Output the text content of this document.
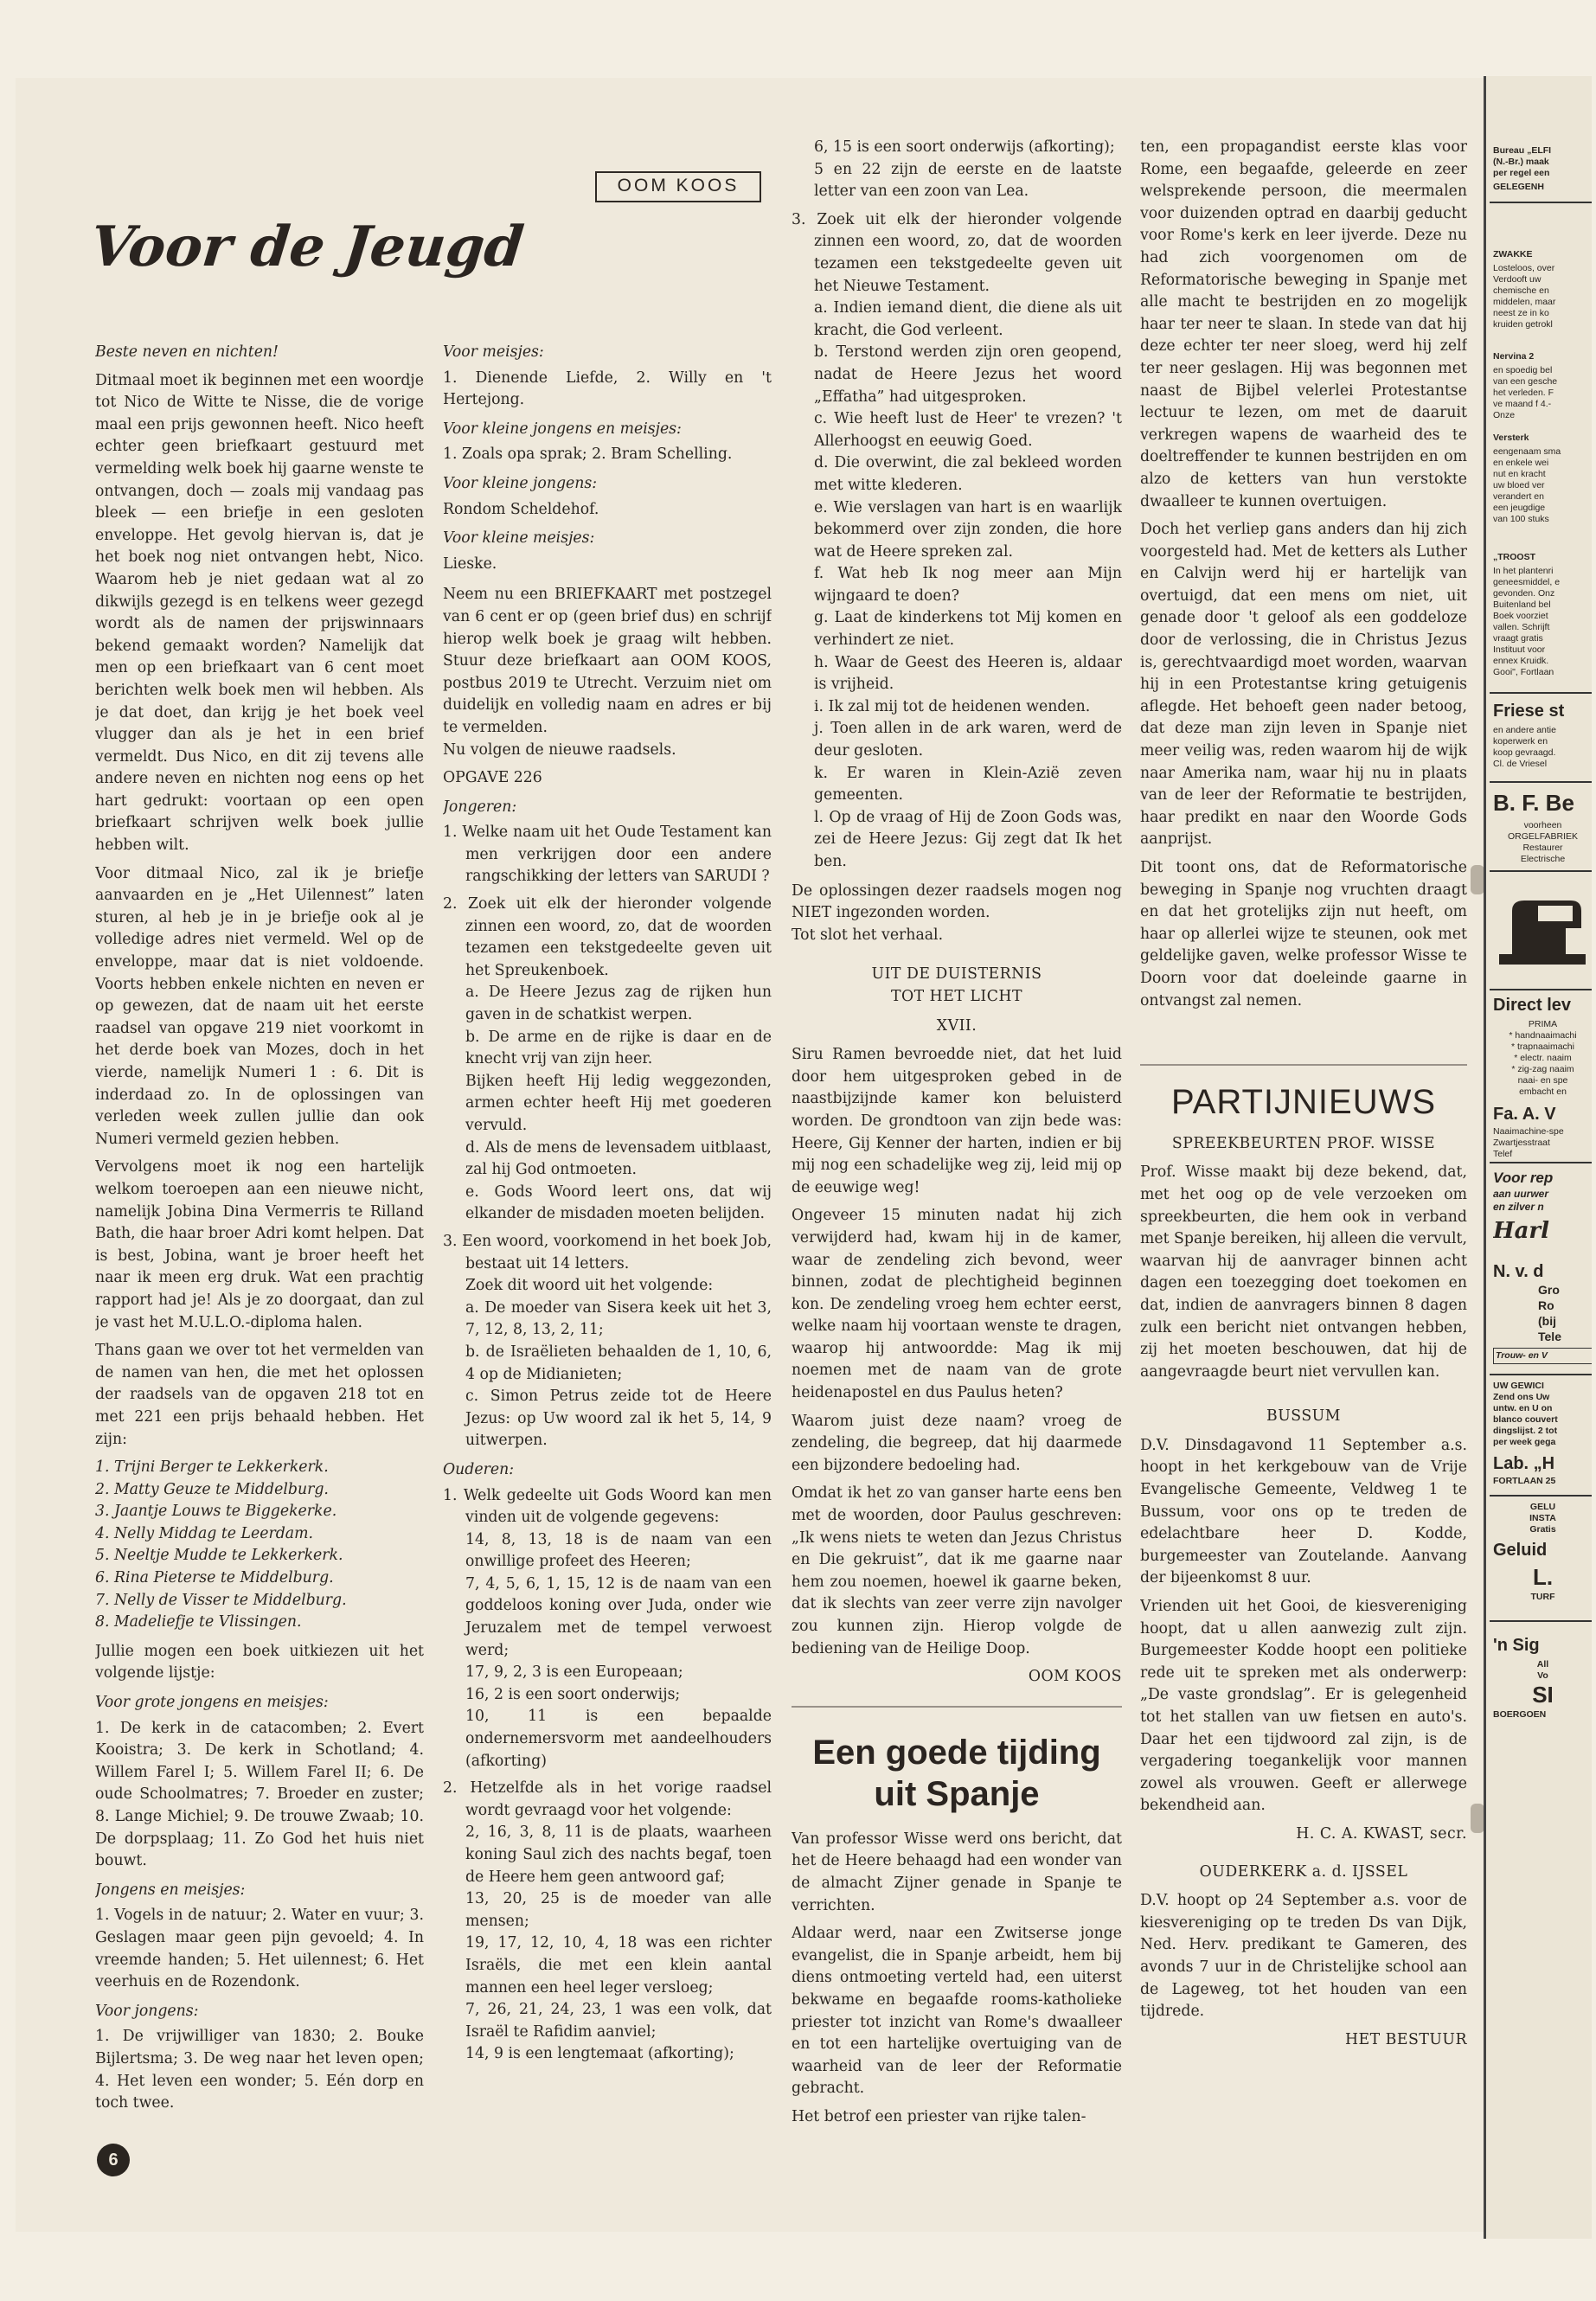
OOM KOOS
Voor de Jeugd

Beste neven en nichten!

Ditmaal moet ik beginnen met een woordje tot Nico de Witte te Nisse, die de vorige maal een prijs gewonnen heeft. Nico heeft echter geen briefkaart gestuurd met vermelding welk boek hij gaarne wenste te ontvangen, doch — zoals mij vandaag pas bleek — een briefje in een gesloten enveloppe. Het gevolg hiervan is, dat je het boek nog niet ontvangen hebt, Nico. Waarom heb je niet gedaan wat al zo dikwijls gezegd is en telkens weer gezegd wordt als de namen der prijswinnaars bekend gemaakt worden? Namelijk dat men op een briefkaart van 6 cent moet berichten welk boek men wil hebben. Als je dat doet, dan krijg je het boek veel vlugger dan als je het in een brief vermeldt. Dus Nico, en dit zij tevens alle andere neven en nichten nog eens op het hart gedrukt: voortaan op een open briefkaart schrijven welk boek jullie hebben wilt.

Voor ditmaal Nico, zal ik je briefje aanvaarden en je „Het Uilennest” laten sturen, al heb je in je briefje ook al je volledige adres niet vermeld. Wel op de enveloppe, maar dat is niet voldoende. Voorts hebben enkele nichten en neven er op gewezen, dat de naam uit het eerste raadsel van opgave 219 niet voorkomt in het derde boek van Mozes, doch in het vierde, namelijk Numeri 1 : 6. Dit is inderdaad zo. In de oplossingen van verleden week zullen jullie dan ook Numeri vermeld gezien hebben.

Vervolgens moet ik nog een hartelijk welkom toeroepen aan een nieuwe nicht, namelijk Jobina Dina Vermerris te Rilland Bath, die haar broer Adri komt helpen. Dat is best, Jobina, want je broer heeft het naar ik meen erg druk. Wat een prachtig rapport had je! Als je zo doorgaat, dan zul je vast het M.U.L.O.-diploma halen.

Thans gaan we over tot het vermelden van de namen van hen, die met het oplossen der raadsels van de opgaven 218 tot en met 221 een prijs behaald hebben. Het zijn:

1. Trijni Berger te Lekkerkerk.
2. Matty Geuze te Middelburg.
3. Jaantje Louws te Biggekerke.
4. Nelly Middag te Leerdam.
5. Neeltje Mudde te Lekkerkerk.
6. Rina Pieterse te Middelburg.
7. Nelly de Visser te Middelburg.
8. Madeliefje te Vlissingen.

Jullie mogen een boek uitkiezen uit het volgende lijstje:

Voor grote jongens en meisjes:

1. De kerk in de catacomben; 2. Evert Kooistra; 3. De kerk in Schotland; 4. Willem Farel I; 5. Willem Farel II; 6. De oude Schoolmatres; 7. Broeder en zuster; 8. Lange Michiel; 9. De trouwe Zwaab; 10. De dorpsplaag; 11. Zo God het huis niet bouwt.

Jongens en meisjes:

1. Vogels in de natuur; 2. Water en vuur; 3. Geslagen maar geen pijn gevoeld; 4. In vreemde handen; 5. Het uilennest; 6. Het veerhuis en de Rozendonk.

Voor jongens:

1. De vrijwilliger van 1830; 2. Bouke Bijlertsma; 3. De weg naar het leven open; 4. Het leven een wonder; 5. Eén dorp en toch twee.

Voor meisjes:

1. Dienende Liefde, 2. Willy en 't Hertejong.

Voor kleine jongens en meisjes:

1. Zoals opa sprak; 2. Bram Schelling.

Voor kleine jongens:

Rondom Scheldehof.

Voor kleine meisjes:

Lieske.

Neem nu een BRIEFKAART met postzegel van 6 cent er op (geen brief dus) en schrijf hierop welk boek je graag wilt hebben. Stuur deze briefkaart aan OOM KOOS, postbus 2019 te Utrecht. Verzuim niet om duidelijk en volledig naam en adres er bij te vermelden.
Nu volgen de nieuwe raadsels.

OPGAVE 226

Jongeren:

1. Welke naam uit het Oude Testament kan men verkrijgen door een andere rangschikking der letters van SARUDI ?
2. Zoek uit elk der hieronder volgende zinnen een woord, zo, dat de woorden tezamen een tekstgedeelte geven uit het Spreukenboek.
a. De Heere Jezus zag de rijken hun gaven in de schatkist werpen.
b. De arme en de rijke is daar en de knecht vrij van zijn heer.
Bijken heeft Hij ledig weggezonden, armen echter heeft Hij met goederen vervuld.
d. Als de mens de levensadem uitblaast, zal hij God ontmoeten.
e. Gods Woord leert ons, dat wij elkander de misdaden moeten belijden.
3. Een woord, voorkomend in het boek Job, bestaat uit 14 letters.
Zoek dit woord uit het volgende:
a. De moeder van Sisera keek uit het 3, 7, 12, 8, 13, 2, 11;
b. de Israëlieten behaalden de 1, 10, 6, 4 op de Midianieten;
c. Simon Petrus zeide tot de Heere Jezus: op Uw woord zal ik het 5, 14, 9 uitwerpen.

Ouderen:

1. Welk gedeelte uit Gods Woord kan men vinden uit de volgende gegevens:
14, 8, 13, 18 is de naam van een onwillige profeet des Heeren;
7, 4, 5, 6, 1, 15, 12 is de naam van een goddeloos koning over Juda, onder wie Jeruzalem met de tempel verwoest werd;
17, 9, 2, 3 is een Europeaan;
16, 2 is een soort onderwijs;
10, 11 is een bepaalde ondernemersvorm met aandeelhouders (afkorting)
2. Hetzelfde als in het vorige raadsel wordt gevraagd voor het volgende:
2, 16, 3, 8, 11 is de plaats, waarheen koning Saul zich des nachts begaf, toen de Heere hem geen antwoord gaf;
13, 20, 25 is de moeder van alle mensen;
19, 17, 12, 10, 4, 18 was een richter Israëls, die met een klein aantal mannen een heel leger versloeg;
7, 26, 21, 24, 23, 1 was een volk, dat Israël te Rafidim aanviel;
14, 9 is een lengtemaat (afkorting);

6, 15 is een soort onderwijs (afkorting);
5 en 22 zijn de eerste en de laatste letter van een zoon van Lea.

3. Zoek uit elk der hieronder volgende zinnen een woord, zo, dat de woorden tezamen een tekstgedeelte geven uit het Nieuwe Testament.
a. Indien iemand dient, die diene als uit kracht, die God verleent.
b. Terstond werden zijn oren geopend, nadat de Heere Jezus het woord „Effatha” had uitgesproken.
c. Wie heeft lust de Heer' te vrezen? 't Allerhoogst en eeuwig Goed.
d. Die overwint, die zal bekleed worden met witte klederen.
e. Wie verslagen van hart is en waarlijk bekommerd over zijn zonden, die hore wat de Heere spreken zal.
f. Wat heb Ik nog meer aan Mijn wijngaard te doen?
g. Laat de kinderkens tot Mij komen en verhindert ze niet.
h. Waar de Geest des Heeren is, aldaar is vrijheid.
i. Ik zal mij tot de heidenen wenden.
j. Toen allen in de ark waren, werd de deur gesloten.
k. Er waren in Klein-Azië zeven gemeenten.
l. Op de vraag of Hij de Zoon Gods was, zei de Heere Jezus: Gij zegt dat Ik het ben.

De oplossingen dezer raadsels mogen nog NIET ingezonden worden.
Tot slot het verhaal.

UIT DE DUISTERNIS
TOT HET LICHT

XVII.

Siru Ramen bevroedde niet, dat het luid door hem uitgesproken gebed in de naastbijzijnde kamer kon beluisterd worden. De grondtoon van zijn bede was: Heere, Gij Kenner der harten, indien er bij mij nog een schadelijke weg zij, leid mij op de eeuwige weg!

Ongeveer 15 minuten nadat hij zich verwijderd had, kwam hij in de kamer, waar de zendeling zich bevond, weer binnen, zodat de plechtigheid beginnen kon. De zendeling vroeg hem echter eerst, welke naam hij voortaan wenste te dragen, waarop hij antwoordde: Mag ik mij noemen met de naam van de grote heidenapostel en dus Paulus heten?

Waarom juist deze naam? vroeg de zendeling, die begreep, dat hij daarmede een bijzondere bedoeling had.

Omdat ik het zo van ganser harte eens ben met de woorden, door Paulus geschreven: „Ik wens niets te weten dan Jezus Christus en Die gekruist”, dat ik me gaarne naar hem zou noemen, hoewel ik gaarne beken, dat ik slechts van zeer verre zijn navolger zou kunnen zijn. Hierop volgde de bediening van de Heilige Doop.

OOM KOOS

Een goede tijding uit Spanje

Van professor Wisse werd ons bericht, dat het de Heere behaagd had een wonder van de almacht Zijner genade in Spanje te verrichten.

Aldaar werd, naar een Zwitserse jonge evangelist, die in Spanje arbeidt, hem bij diens ontmoeting verteld had, een uiterst bekwame en begaafde rooms-katholieke priester tot inzicht van Rome's dwaalleer en tot een hartelijke overtuiging van de waarheid van de leer der Reformatie gebracht.

Het betrof een priester van rijke talen-

ten, een propagandist eerste klas voor Rome, een begaafde, geleerde en zeer welsprekende persoon, die meermalen voor duizenden optrad en daarbij geducht voor Rome's kerk en leer ijverde. Deze nu had zich voorgenomen om de Reformatorische beweging in Spanje met alle macht te bestrijden en zo mogelijk haar ter neer te slaan. In stede van dat hij deze echter ter neer sloeg, werd hij zelf ter neer geslagen. Hij was begonnen met naast de Bijbel velerlei Protestantse lectuur te lezen, om met de daaruit verkregen wapens de waarheid des te doeltreffender te kunnen bestrijden en om alzo de ketters van hun verstokte dwaalleer te kunnen overtuigen.

Doch het verliep gans anders dan hij zich voorgesteld had. Met de ketters als Luther en Calvijn werd hij er hartelijk van overtuigd, dat een mens om niet, uit genade door 't geloof als een goddeloze door de verlossing, die in Christus Jezus is, gerechtvaardigd moet worden, waarvan hij in een Protestantse kring getuigenis aflegde. Het behoeft geen nader betoog, dat deze man zijn leven in Spanje niet meer veilig was, reden waarom hij de wijk naar Amerika nam, waar hij nu in plaats van de leer der Reformatie te bestrijden, haar predikt en naar den Woorde Gods aanprijst.

Dit toont ons, dat de Reformatorische beweging in Spanje nog vruchten draagt en dat het grotelijks zijn nut heeft, om haar op allerlei wijze te steunen, ook met geldelijke gaven, welke professor Wisse te Doorn voor dat doeleinde gaarne in ontvangst zal nemen.

PARTIJNIEUWS

SPREEKBEURTEN PROF. WISSE

Prof. Wisse maakt bij deze bekend, dat, met het oog op de vele verzoeken om spreekbeurten, die hem ook in verband met Spanje bereiken, hij alleen die vervult, waarvan hij de aanvrager binnen acht dagen een toezegging doet toekomen en dat, indien de aanvragers binnen 8 dagen zulk een bericht niet ontvangen hebben, zij het moeten beschouwen, dat hij de aangevraagde beurt niet vervullen kan.

BUSSUM

D.V. Dinsdagavond 11 September a.s. hoopt in het kerkgebouw van de Vrije Evangelische Gemeente, Veldweg 1 te Bussum, voor ons op te treden de edelachtbare heer D. Kodde, burgemeester van Zoutelande. Aanvang der bijeenkomst 8 uur.

Vrienden uit het Gooi, de kiesvereniging hoopt, dat u allen aanwezig zult zijn. Burgemeester Kodde hoopt een politieke rede uit te spreken met als onderwerp: „De vaste grondslag”. Er is gelegenheid tot het stallen van uw fietsen en auto's. Daar het een tijdwoord zal zijn, is de vergadering toegankelijk voor mannen zowel als vrouwen. Geeft er allerwege bekendheid aan.

H. C. A. KWAST, secr.

OUDERKERK a. d. IJSSEL

D.V. hoopt op 24 September a.s. voor de kiesvereniging op te treden Ds van Dijk, Ned. Herv. predikant te Gameren, des avonds 7 uur in de Christelijke school aan de Lageweg, tot het houden van een tijdrede.

HET BESTUUR

6
Bureau „ELFI
(N.-Br.) maak
per regel een
GELEGENH
ZWAKKE
Losteloos, over
Verdooft uw
chemische en
middelen, maar
neest ze in ko
kruiden getrokl
Nervina 2
en spoedig bel
van een gesche
het verleden. F
ve maand f 4.-
Onze
Versterk
eengenaam sma
en enkele wei
nut en kracht
uw bloed ver
verandert en
een jeugdige
van 100 stuks
„TROOST
In het plantenri
geneesmiddel, e
gevonden. Onz
Buitenland bel
Boek voorziet
vallen. Schrijft
vraagt gratis
Instituut voor
ennex Kruidk.
Gooi", Fortlaan
Friese st
en andere antie
koperwerk en
koop gevraagd.
Cl. de Vriesel
B. F. Be
voorheen
ORGELFABRIEK
Restaurer
Electrische
A.v.
Direct lev
PRIMA
* handnaaimachi
* trapnaaimachi
* electr. naaim
* zig-zag naaim
naai- en spe
embacht en
Fa. A. V
Naaimachine-spe
Zwartjesstraat
Telef
Voor rep
aan uurwer
en zilver n
Harl
N. v. d
Gro
Ro
(bij
Tele
Trouw- en V
UW GEWICI
Zend ons Uw
untw. en U on
blanco couvert
dingslijst. 2 tot
per week gega
Lab. „H
FORTLAAN 25
GELU
INSTA
Gratis
Geluid
L.
TURF
'n Sig
All
Vo
SI
BOERGOEN
